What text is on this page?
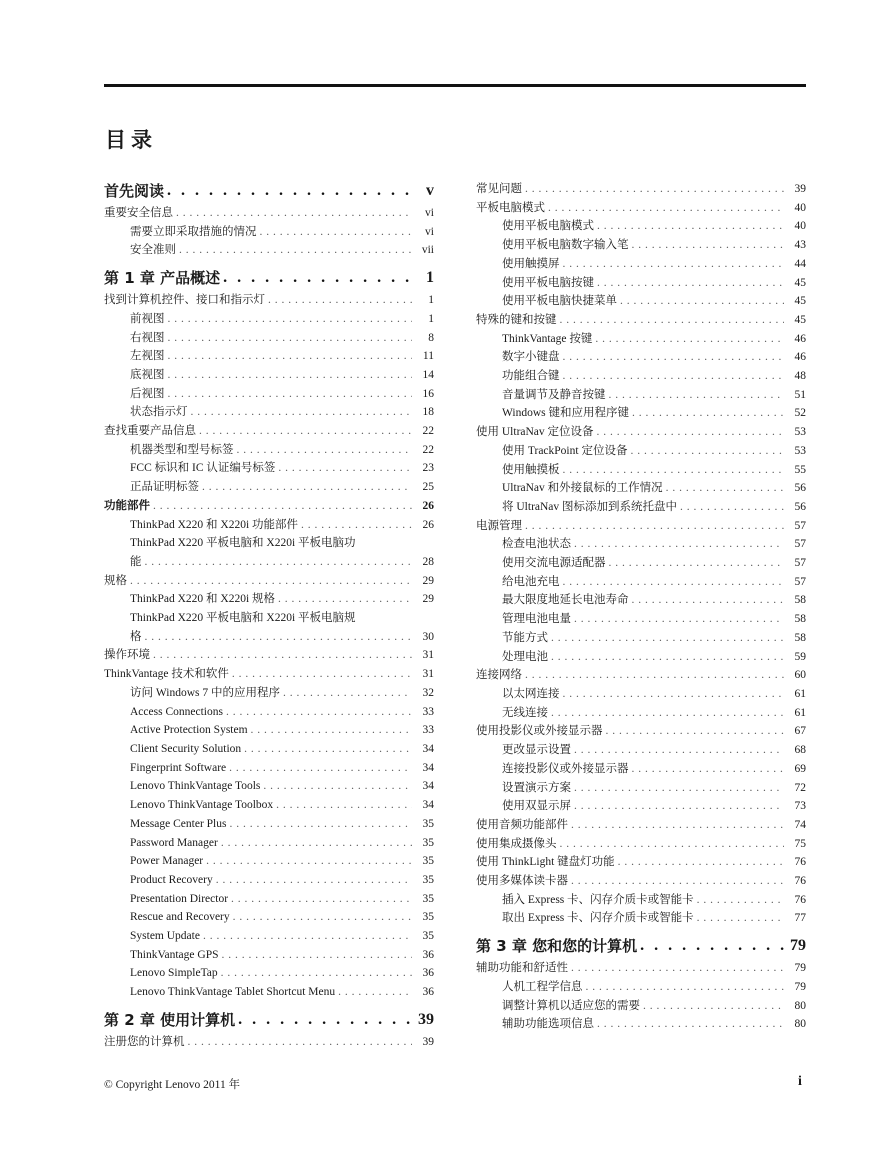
目录
首先阅读 . . .	v
重要安全信息 . . .	vi
需要立即采取措施的情况 . . .	vi
安全准则 . . .	vii
第 1 章 产品概述 . . .	1
找到计算机控件、接口和指示灯 . . .	1
前视图 . . .	1
右视图 . . .	8
左视图 . . .	11
底视图 . . .	14
后视图 . . .	16
状态指示灯 . . .	18
查找重要产品信息 . . .	22
机器类型和型号标签 . . .	22
FCC 标识和 IC 认证编号标签 . . .	23
正品证明标签 . . .	25
功能部件 . . .	26
ThinkPad X220 和 X220i 功能部件 . . .	26
ThinkPad X220 平板电脑和 X220i 平板电脑功
能 . . .	28
规格 . . .	29
ThinkPad X220 和 X220i 规格 . . .	29
ThinkPad X220 平板电脑和 X220i 平板电脑规
格 . . .	30
操作环境 . . .	31
ThinkVantage 技术和软件 . . .	31
访问 Windows 7 中的应用程序 . . .	32
Access Connections . . .	33
Active Protection System . . .	33
Client Security Solution . . .	34
Fingerprint Software . . .	34
Lenovo ThinkVantage Tools . . .	34
Lenovo ThinkVantage Toolbox . . .	34
Message Center Plus . . .	35
Password Manager . . .	35
Power Manager . . .	35
Product Recovery . . .	35
Presentation Director . . .	35
Rescue and Recovery . . .	35
System Update . . .	35
ThinkVantage GPS . . .	36
Lenovo SimpleTap . . .	36
Lenovo ThinkVantage Tablet Shortcut Menu . . .	36
第 2 章 使用计算机 . . .	39
注册您的计算机 . . .	39
常见问题 . . .	39
平板电脑模式 . . .	40
使用平板电脑模式 . . .	40
使用平板电脑数字输入笔 . . .	43
使用触摸屏 . . .	44
使用平板电脑按键 . . .	45
使用平板电脑快捷菜单 . . .	45
特殊的键和按键 . . .	45
ThinkVantage 按键 . . .	46
数字小键盘 . . .	46
功能组合键 . . .	48
音量调节及静音按键 . . .	51
Windows 键和应用程序键 . . .	52
使用 UltraNav 定位设备 . . .	53
使用 TrackPoint 定位设备 . . .	53
使用触摸板 . . .	55
UltraNav 和外接鼠标的工作情况 . . .	56
将 UltraNav 图标添加到系统托盘中 . . .	56
电源管理 . . .	57
检查电池状态 . . .	57
使用交流电源适配器 . . .	57
给电池充电 . . .	57
最大限度地延长电池寿命 . . .	58
管理电池电量 . . .	58
节能方式 . . .	58
处理电池 . . .	59
连接网络 . . .	60
以太网连接 . . .	61
无线连接 . . .	61
使用投影仪或外接显示器 . . .	67
更改显示设置 . . .	68
连接投影仪或外接显示器 . . .	69
设置演示方案 . . .	72
使用双显示屏 . . .	73
使用音频功能部件 . . .	74
使用集成摄像头 . . .	75
使用 ThinkLight 键盘灯功能 . . .	76
使用多媒体读卡器 . . .	76
插入 Express 卡、闪存介质卡或智能卡 . . .	76
取出 Express 卡、闪存介质卡或智能卡 . . .	77
第 3 章 您和您的计算机 . . .	79
辅助功能和舒适性 . . .	79
人机工程学信息 . . .	79
调整计算机以适应您的需要 . . .	80
辅助功能选项信息 . . .	80
© Copyright Lenovo 2011 年	i
